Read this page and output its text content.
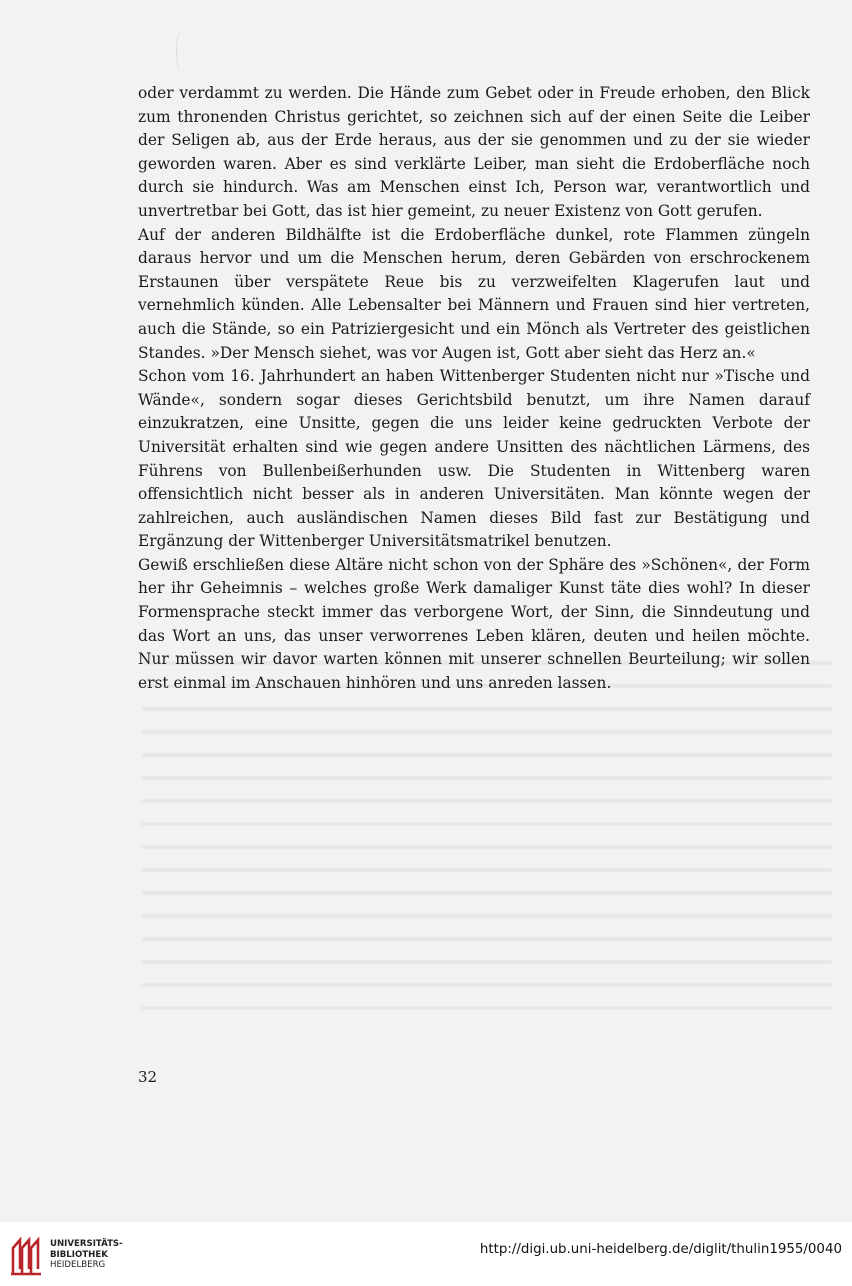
oder verdammt zu werden. Die Hände zum Gebet oder in Freude erhoben, den Blick zum thronenden Christus gerichtet, so zeichnen sich auf der einen Seite die Leiber der Seligen ab, aus der Erde heraus, aus der sie genommen und zu der sie wieder geworden waren. Aber es sind verklärte Leiber, man sieht die Erdoberfläche noch durch sie hindurch. Was am Menschen einst Ich, Person war, verantwortlich und unvertretbar bei Gott, das ist hier gemeint, zu neuer Existenz von Gott gerufen.

Auf der anderen Bildhälfte ist die Erdoberfläche dunkel, rote Flammen züngeln daraus hervor und um die Menschen herum, deren Gebärden von erschrockenem Erstaunen über verspätete Reue bis zu verzweifelten Klagerufen laut und vernehmlich künden. Alle Lebensalter bei Männern und Frauen sind hier vertreten, auch die Stände, so ein Patriziergesicht und ein Mönch als Vertreter des geistlichen Standes. »Der Mensch siehet, was vor Augen ist, Gott aber sieht das Herz an.«

Schon vom 16. Jahrhundert an haben Wittenberger Studenten nicht nur »Tische und Wände«, sondern sogar dieses Gerichtsbild benutzt, um ihre Namen darauf einzukratzen, eine Unsitte, gegen die uns leider keine gedruckten Verbote der Universität erhalten sind wie gegen andere Unsitten des nächtlichen Lärmens, des Führens von Bullenbeißerhunden usw. Die Studenten in Wittenberg waren offensichtlich nicht besser als in anderen Universitäten. Man könnte wegen der zahlreichen, auch ausländischen Namen dieses Bild fast zur Bestätigung und Ergänzung der Wittenberger Universitätsmatrikel benutzen.

Gewiß erschließen diese Altäre nicht schon von der Sphäre des »Schönen«, der Form her ihr Geheimnis – welches große Werk damaliger Kunst täte dies wohl? In dieser Formensprache steckt immer das verborgene Wort, der Sinn, die Sinndeutung und das Wort an uns, das unser verworrenes Leben klären, deuten und heilen möchte. Nur müssen wir davor warten können mit unserer schnellen Beurteilung; wir sollen erst einmal im Anschauen hinhören und uns anreden lassen.

32
UNIVERSITÄTS-
BIBLIOTHEK
HEIDELBERG
http://digi.ub.uni-heidelberg.de/diglit/thulin1955/0040
